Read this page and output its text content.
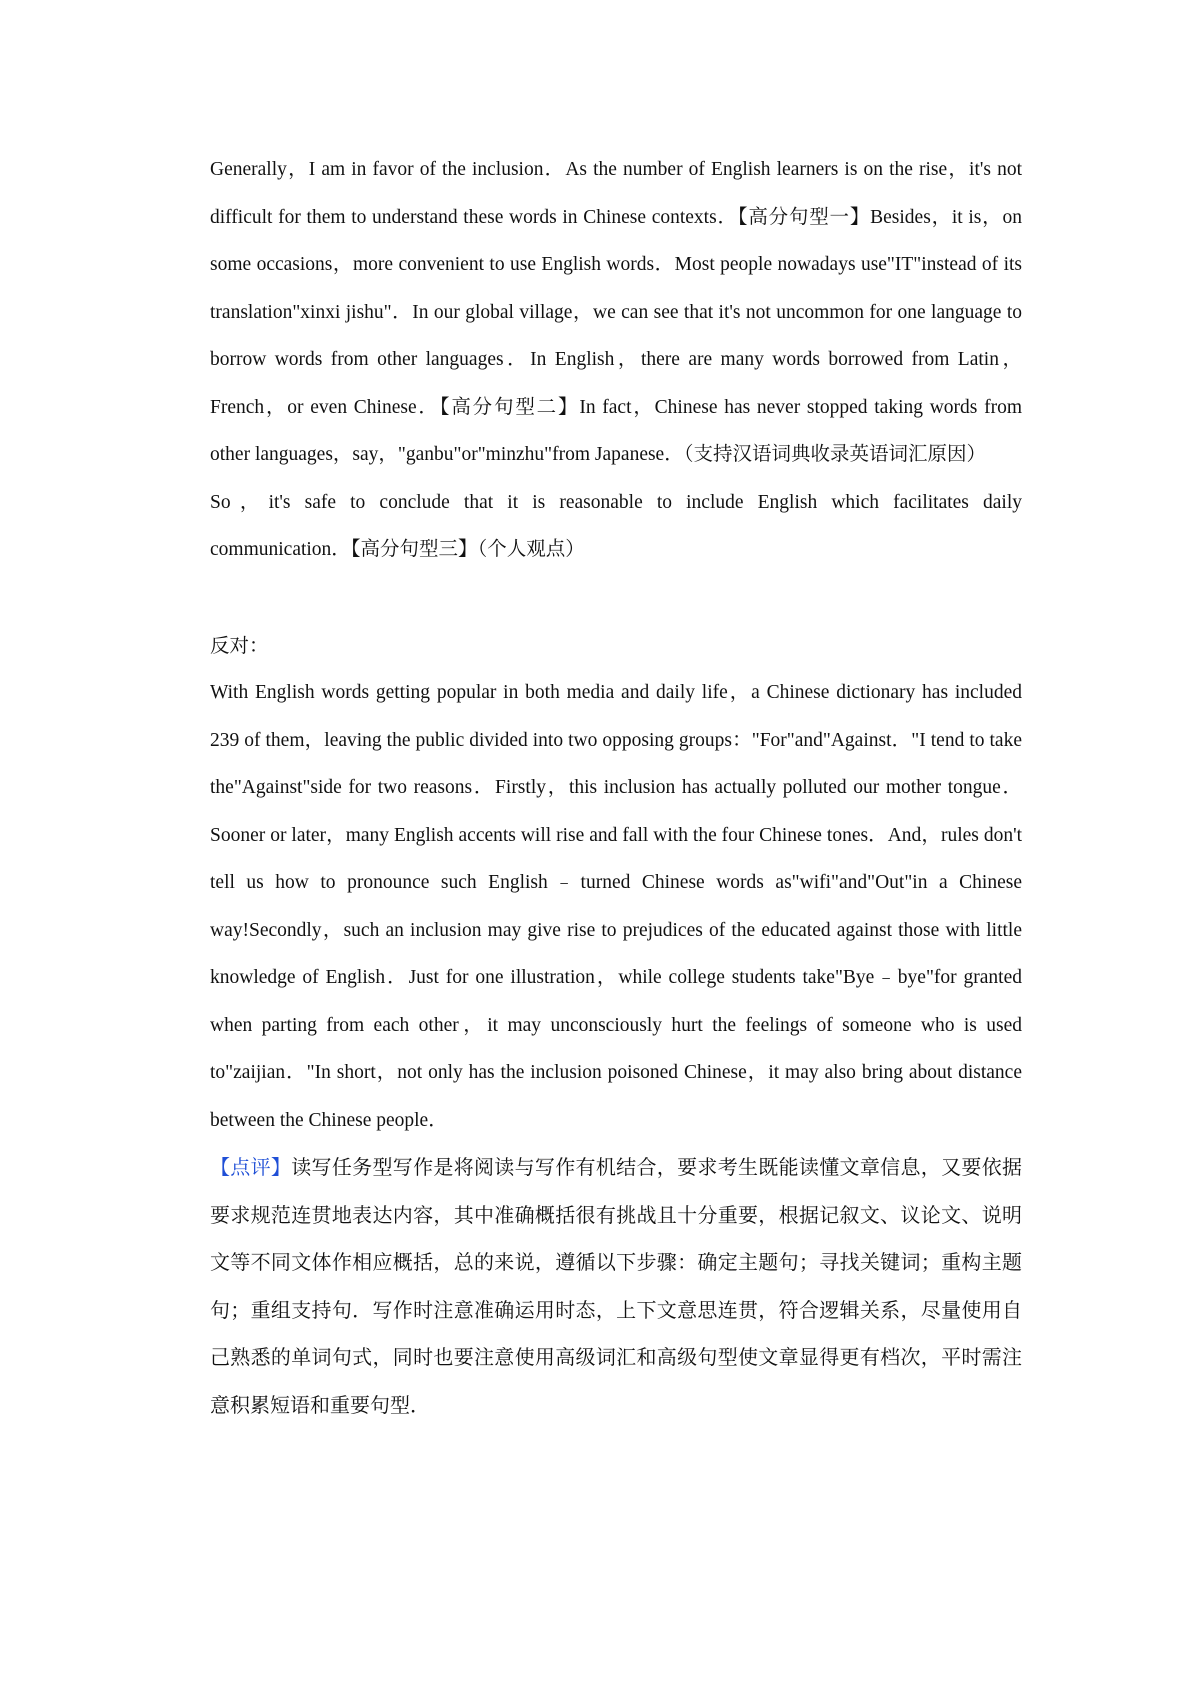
Generally，I am in favor of the inclusion．As the number of English learners is on the rise，it's not difficult for them to understand these words in Chinese contexts．【高分句型一】Besides，it is，on some occasions，more convenient to use English words．Most people nowadays use"IT"instead of its translation"xinxi jishu"．In our global village，we can see that it's not uncommon for one language to borrow words from other languages．In English，there are many words borrowed from Latin，French，or even Chinese．【高分句型二】In fact，Chinese has never stopped taking words from other languages，say，"ganbu"or"minzhu"from Japanese．（支持汉语词典收录英语词汇原因）

So，it's safe to conclude that it is reasonable to include English which facilitates daily communication．【高分句型三】（个人观点）

反对：

With English words getting popular in both media and daily life，a Chinese dictionary has included 239 of them，leaving the public divided into two opposing groups："For"and"Against．"I tend to take the"Against"side for two reasons．Firstly，this inclusion has actually polluted our mother tongue．Sooner or later，many English accents will rise and fall with the four Chinese tones．And，rules don't tell us how to pronounce such English﹣turned Chinese words as"wifi"and"Out"in a Chinese way!Secondly，such an inclusion may give rise to prejudices of the educated against those with little knowledge of English．Just for one illustration，while college students take"Bye﹣bye"for granted when parting from each other，it may unconsciously hurt the feelings of someone who is used to"zaijian．"In short，not only has the inclusion poisoned Chinese，it may also bring about distance between the Chinese people．

【点评】读写任务型写作是将阅读与写作有机结合，要求考生既能读懂文章信息，又要依据要求规范连贯地表达内容，其中准确概括很有挑战且十分重要，根据记叙文、议论文、说明文等不同文体作相应概括，总的来说，遵循以下步骤：确定主题句；寻找关键词；重构主题句；重组支持句．写作时注意准确运用时态，上下文意思连贯，符合逻辑关系，尽量使用自己熟悉的单词句式，同时也要注意使用高级词汇和高级句型使文章显得更有档次，平时需注意积累短语和重要句型．
